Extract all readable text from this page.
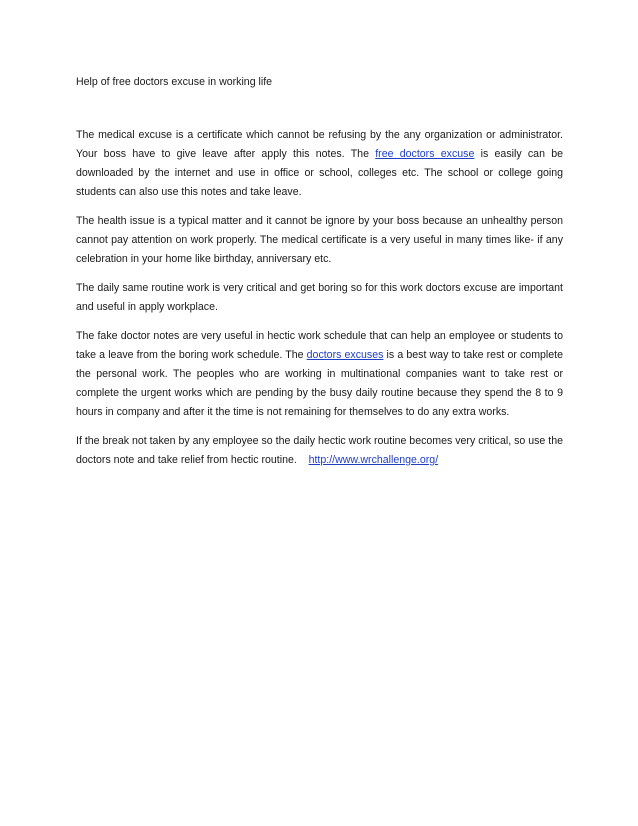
Help of free doctors excuse in working life

The medical excuse is a certificate which cannot be refusing by the any organization or administrator. Your boss have to give leave after apply this notes. The free doctors excuse is easily can be downloaded by the internet and use in office or school, colleges etc. The school or college going students can also use this notes and take leave.

The health issue is a typical matter and it cannot be ignore by your boss because an unhealthy person cannot pay attention on work properly. The medical certificate is a very useful in many times like- if any celebration in your home like birthday, anniversary etc.

The daily same routine work is very critical and get boring so for this work doctors excuse are important and useful in apply workplace.

The fake doctor notes are very useful in hectic work schedule that can help an employee or students to take a leave from the boring work schedule. The doctors excuses is a best way to take rest or complete the personal work. The peoples who are working in multinational companies want to take rest or complete the urgent works which are pending by the busy daily routine because they spend the 8 to 9 hours in company and after it the time is not remaining for themselves to do any extra works.

If the break not taken by any employee so the daily hectic work routine becomes very critical, so use the doctors note and take relief from hectic routine.    http://www.wrchallenge.org/
